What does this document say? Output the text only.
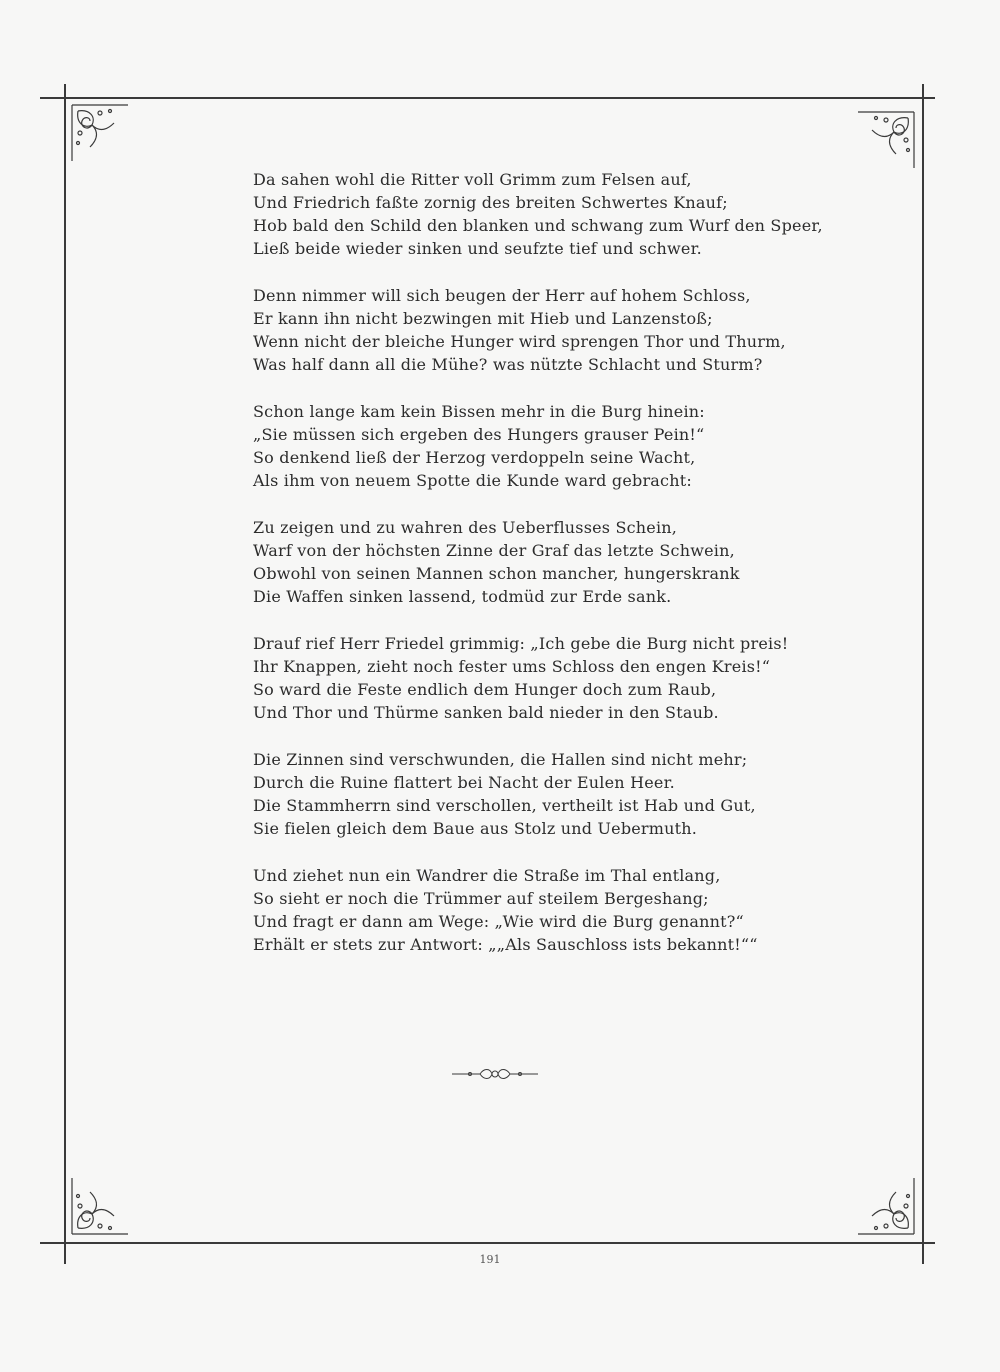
Da sahen wohl die Ritter voll Grimm zum Felsen auf,
Und Friedrich faßte zornig des breiten Schwertes Knauf;
Hob bald den Schild den blanken und schwang zum Wurf den Speer,
Ließ beide wieder sinken und seufzte tief und schwer.
Denn nimmer will sich beugen der Herr auf hohem Schloss,
Er kann ihn nicht bezwingen mit Hieb und Lanzenstoß;
Wenn nicht der bleiche Hunger wird sprengen Thor und Thurm,
Was half dann all die Mühe? was nützte Schlacht und Sturm?
Schon lange kam kein Bissen mehr in die Burg hinein:
„Sie müssen sich ergeben des Hungers grauser Pein!“
So denkend ließ der Herzog verdoppeln seine Wacht,
Als ihm von neuem Spotte die Kunde ward gebracht:
Zu zeigen und zu wahren des Ueberflusses Schein,
Warf von der höchsten Zinne der Graf das letzte Schwein,
Obwohl von seinen Mannen schon mancher, hungerskrank
Die Waffen sinken lassend, todmüd zur Erde sank.
Drauf rief Herr Friedel grimmig: „Ich gebe die Burg nicht preis!
Ihr Knappen, zieht noch fester ums Schloss den engen Kreis!“
So ward die Feste endlich dem Hunger doch zum Raub,
Und Thor und Thürme sanken bald nieder in den Staub.
Die Zinnen sind verschwunden, die Hallen sind nicht mehr;
Durch die Ruine flattert bei Nacht der Eulen Heer.
Die Stammherrn sind verschollen, vertheilt ist Hab und Gut,
Sie fielen gleich dem Baue aus Stolz und Uebermuth.
Und ziehet nun ein Wandrer die Straße im Thal entlang,
So sieht er noch die Trümmer auf steilem Bergeshang;
Und fragt er dann am Wege: „Wie wird die Burg genannt?“
Erhält er stets zur Antwort: „„Als Sauschloss ists bekannt!““
191
